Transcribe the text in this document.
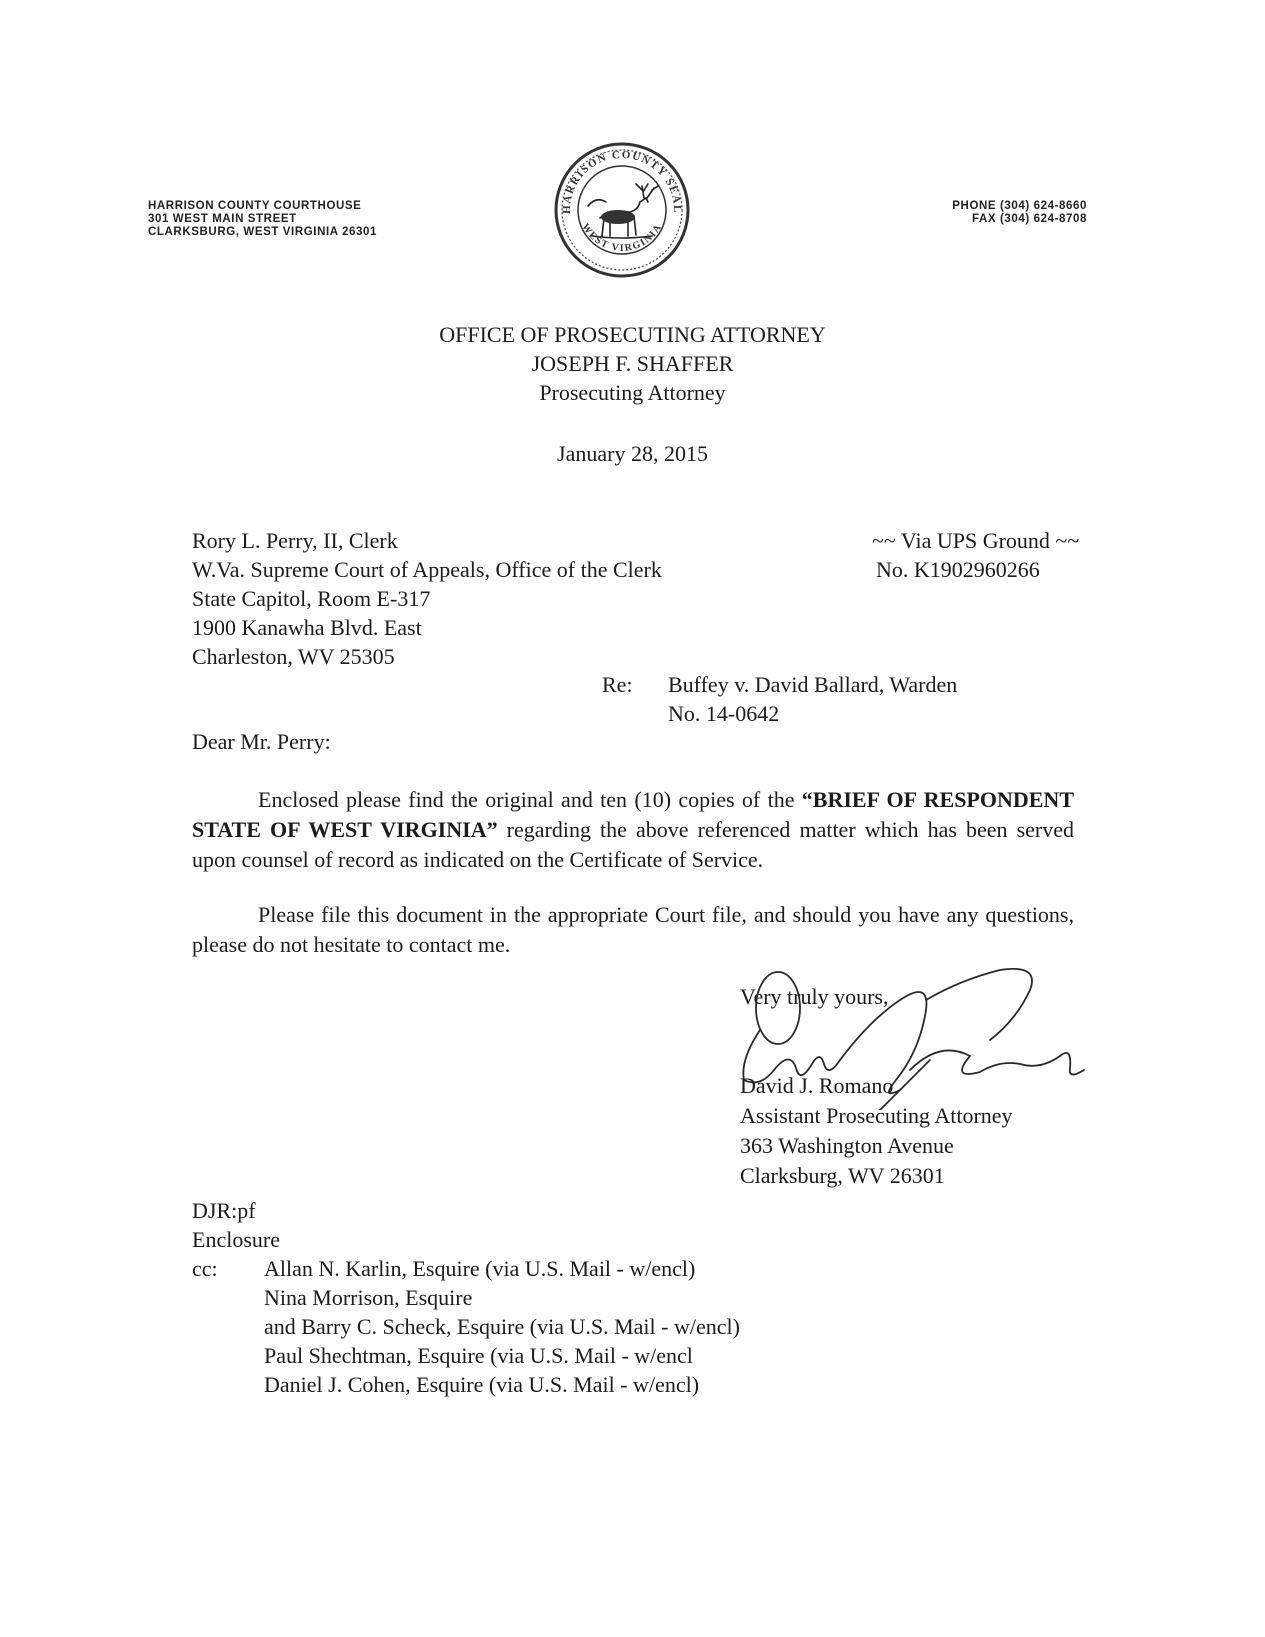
HARRISON COUNTY COURTHOUSE
301 WEST MAIN STREET
CLARKSBURG, WEST VIRGINIA 26301
HARRISON COUNTY SEAL
WEST VIRGINIA
PHONE (304) 624-8660
FAX (304) 624-8708
OFFICE OF PROSECUTING ATTORNEY
JOSEPH F. SHAFFER
Prosecuting Attorney
January 28, 2015
Rory L. Perry, II, Clerk
W.Va. Supreme Court of Appeals, Office of the Clerk
State Capitol, Room E-317
1900 Kanawha Blvd. East
Charleston, WV 25305
~~ Via UPS Ground ~~
No. K1902960266
Re: Buffey v. David Ballard, Warden
No. 14-0642
Dear Mr. Perry:
Enclosed please find the original and ten (10) copies of the “BRIEF OF RESPONDENT STATE OF WEST VIRGINIA” regarding the above referenced matter which has been served upon counsel of record as indicated on the Certificate of Service.
Please file this document in the appropriate Court file, and should you have any questions, please do not hesitate to contact me.
Very truly yours,
David J. Romano
Assistant Prosecuting Attorney
363 Washington Avenue
Clarksburg, WV 26301
DJR:pf
Enclosure
cc: Allan N. Karlin, Esquire (via U.S. Mail - w/encl)
Nina Morrison, Esquire
and Barry C. Scheck, Esquire (via U.S. Mail - w/encl)
Paul Shechtman, Esquire (via U.S. Mail - w/encl
Daniel J. Cohen, Esquire (via U.S. Mail - w/encl)
